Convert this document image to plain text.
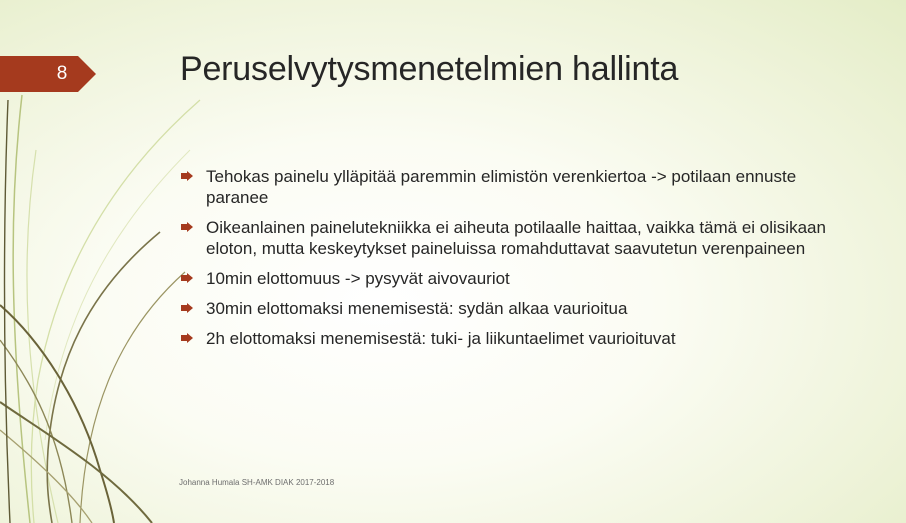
8	Peruselvytysmenetelmien hallinta
Tehokas painelu ylläpitää paremmin elimistön verenkiertoa -> potilaan ennuste paranee
Oikeanlainen painelutekniikka ei aiheuta potilaalle haittaa, vaikka tämä ei olisikaan eloton, mutta keskeytykset paineluissa romahduttavat saavutetun verenpaineen
10min elottomuus -> pysyvät aivovauriot
30min elottomaksi menemisestä: sydän alkaa vaurioitua
2h elottomaksi menemisestä: tuki- ja liikuntaelimet vaurioituvat
Johanna Humala SH-AMK DIAK 2017-2018
